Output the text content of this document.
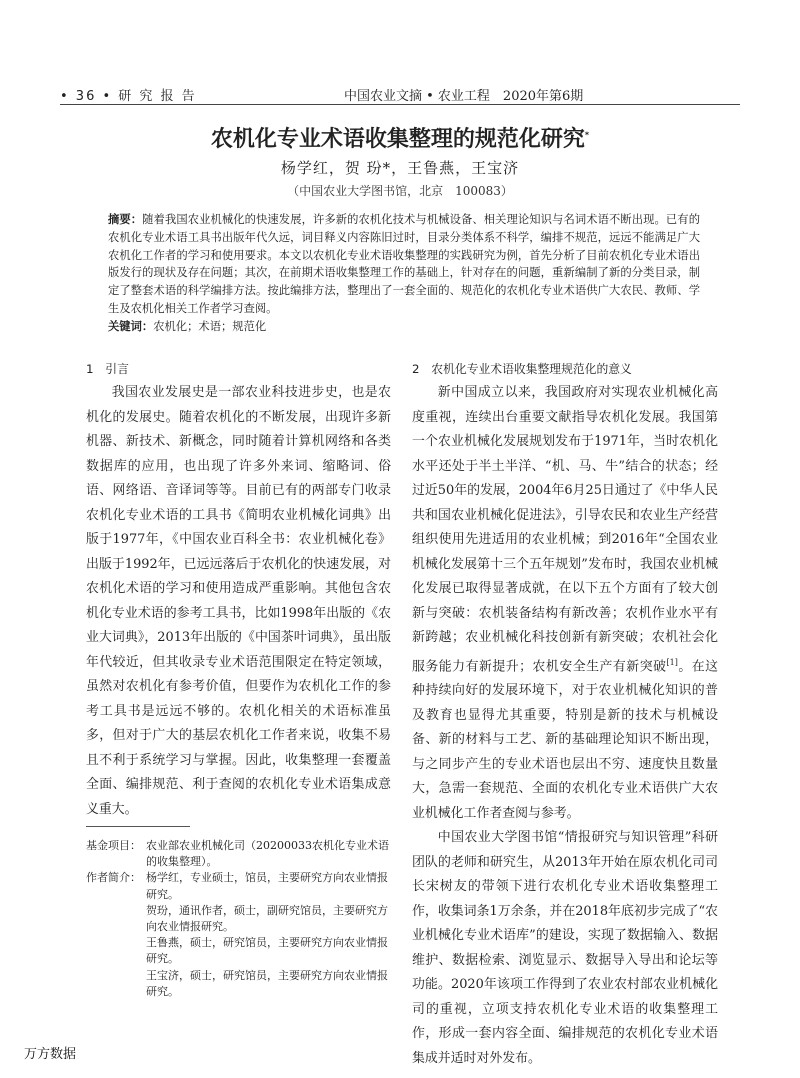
• 36 • 研 究 报 告	中国农业文摘 • 农业工程　2020年第6期
农机化专业术语收集整理的规范化研究*
杨学红，贺 玢*，王鲁燕，王宝济
（中国农业大学图书馆，北京　100083）
摘要：随着我国农业机械化的快速发展，许多新的农机化技术与机械设备、相关理论知识与名词术语不断出现。已有的农机化专业术语工具书出版年代久远，词目释义内容陈旧过时，目录分类体系不科学，编排不规范，远远不能满足广大农机化工作者的学习和使用要求。本文以农机化专业术语收集整理的实践研究为例，首先分析了目前农机化专业术语出版发行的现状及存在问题；其次，在前期术语收集整理工作的基础上，针对存在的问题，重新编制了新的分类目录，制定了整套术语的科学编排方法。按此编排方法，整理出了一套全面的、规范化的农机化专业术语供广大农民、教师、学生及农机化相关工作者学习查阅。
关键词：农机化；术语；规范化
1　引言

我国农业发展史是一部农业科技进步史，也是农机化的发展史。随着农机化的不断发展，出现许多新机器、新技术、新概念，同时随着计算机网络和各类数据库的应用，也出现了许多外来词、缩略词、俗语、网络语、音译词等等。目前已有的两部专门收录农机化专业术语的工具书《简明农业机械化词典》出版于1977年，《中国农业百科全书：农业机械化卷》出版于1992年，已远远落后于农机化的快速发展，对农机化术语的学习和使用造成严重影响。其他包含农机化专业术语的参考工具书，比如1998年出版的《农业大词典》，2013年出版的《中国茶叶词典》，虽出版年代较近，但其收录专业术语范围限定在特定领域，虽然对农机化有参考价值，但要作为农机化工作的参考工具书是远远不够的。农机化相关的术语标准虽多，但对于广大的基层农机化工作者来说，收集不易且不利于系统学习与掌握。因此，收集整理一套覆盖全面、编排规范、利于查阅的农机化专业术语集成意义重大。

2　农机化专业术语收集整理规范化的意义

新中国成立以来，我国政府对实现农业机械化高度重视，连续出台重要文献指导农机化发展。我国第一个农业机械化发展规划发布于1971年，当时农机化水平还处于半土半洋、“机、马、牛”结合的状态；经过近50年的发展，2004年6月25日通过了《中华人民共和国农业机械化促进法》，引导农民和农业生产经营组织使用先进适用的农业机械；到2016年“全国农业机械化发展第十三个五年规划”发布时，我国农业机械化发展已取得显著成就，在以下五个方面有了较大创新与突破：农机装备结构有新改善；农机作业水平有新跨越；农业机械化科技创新有新突破；农机社会化服务能力有新提升；农机安全生产有新突破[1]。在这种持续向好的发展环境下，对于农业机械化知识的普及教育也显得尤其重要，特别是新的技术与机械设备、新的材料与工艺、新的基础理论知识不断出现，与之同步产生的专业术语也层出不穷、速度快且数量大，急需一套规范、全面的农机化专业术语供广大农业机械化工作者查阅与参考。

中国农业大学图书馆“情报研究与知识管理”科研团队的老师和研究生，从2013年开始在原农机化司司长宋树友的带领下进行农机化专业术语收集整理工作，收集词条1万余条，并在2018年底初步完成了“农业机械化专业术语库”的建设，实现了数据输入、数据维护、数据检索、浏览显示、数据导入导出和论坛等功能。2020年该项工作得到了农业农村部农业机械化司的重视，立项支持农机化专业术语的收集整理工作，形成一套内容全面、编排规范的农机化专业术语集成并适时对外发布。

基金项目： 农业部农业机械化司（20200033农机化专业术语的收集整理）。
作者简介： 杨学红，专业硕士，馆员，主要研究方向农业情报研究。
贺玢，通讯作者，硕士，副研究馆员，主要研究方向农业情报研究。
王鲁燕，硕士，研究馆员，主要研究方向农业情报研究。
王宝济，硕士，研究馆员，主要研究方向农业情报研究。
万方数据
